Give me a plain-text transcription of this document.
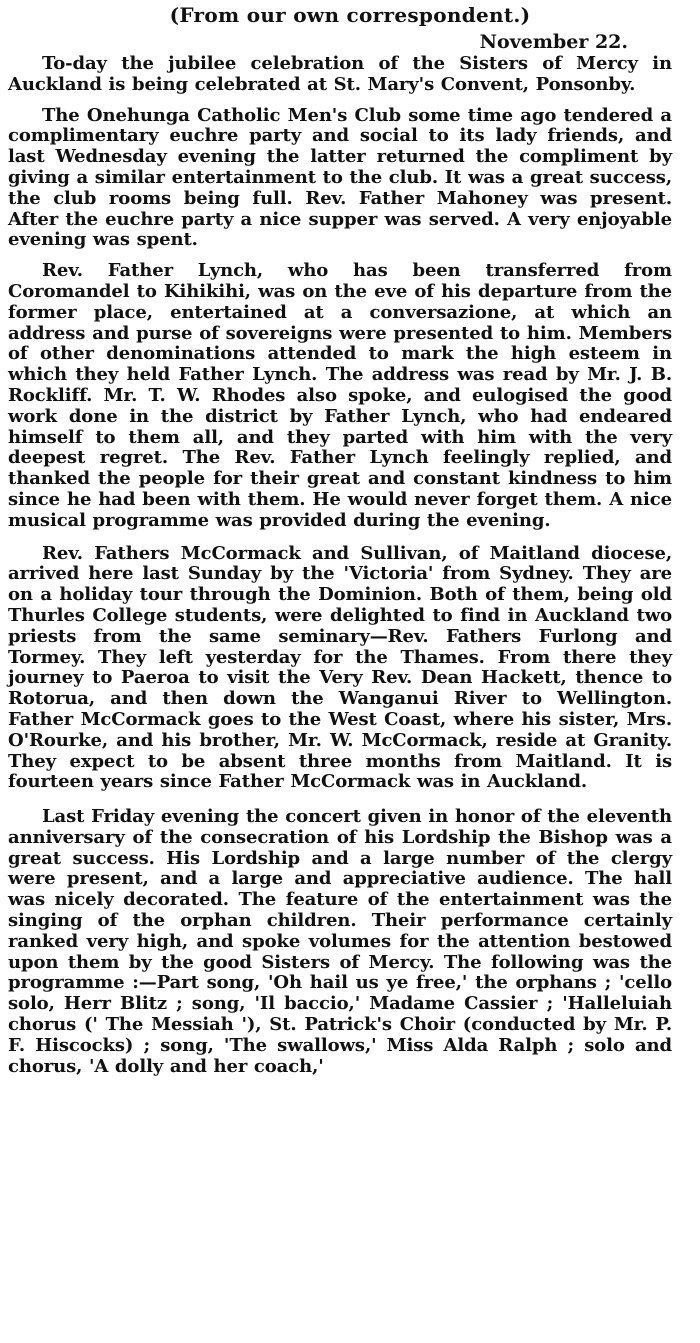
(From our own correspondent.)
November 22.

To-day the jubilee celebration of the Sisters of Mercy in Auckland is being celebrated at St. Mary's Convent, Ponsonby.

The Onehunga Catholic Men's Club some time ago tendered a complimentary euchre party and social to its lady friends, and last Wednesday evening the latter returned the compliment by giving a similar entertainment to the club. It was a great success, the club rooms being full. Rev. Father Mahoney was present. After the euchre party a nice supper was served. A very enjoyable evening was spent.

Rev. Father Lynch, who has been transferred from Coromandel to Kihikihi, was on the eve of his departure from the former place, entertained at a conversazione, at which an address and purse of sovereigns were presented to him. Members of other denominations attended to mark the high esteem in which they held Father Lynch. The address was read by Mr. J. B. Rockliff. Mr. T. W. Rhodes also spoke, and eulogised the good work done in the district by Father Lynch, who had endeared himself to them all, and they parted with him with the very deepest regret. The Rev. Father Lynch feelingly replied, and thanked the people for their great and constant kindness to him since he had been with them. He would never forget them. A nice musical programme was provided during the evening.

Rev. Fathers McCormack and Sullivan, of Maitland diocese, arrived here last Sunday by the 'Victoria' from Sydney. They are on a holiday tour through the Dominion. Both of them, being old Thurles College students, were delighted to find in Auckland two priests from the same seminary—Rev. Fathers Furlong and Tormey. They left yesterday for the Thames. From there they journey to Paeroa to visit the Very Rev. Dean Hackett, thence to Rotorua, and then down the Wanganui River to Wellington. Father McCormack goes to the West Coast, where his sister, Mrs. O'Rourke, and his brother, Mr. W. McCormack, reside at Granity. They expect to be absent three months from Maitland. It is fourteen years since Father McCormack was in Auckland.

Last Friday evening the concert given in honor of the eleventh anniversary of the consecration of his Lordship the Bishop was a great success. His Lordship and a large number of the clergy were present, and a large and appreciative audience. The hall was nicely decorated. The feature of the entertainment was the singing of the orphan children. Their performance certainly ranked very high, and spoke volumes for the attention bestowed upon them by the good Sisters of Mercy. The following was the programme :—Part song, 'Oh hail us ye free,' the orphans ; 'cello solo, Herr Blitz ; song, 'Il baccio,' Madame Cassier ; 'Halleluiah chorus (' The Messiah '), St. Patrick's Choir (conducted by Mr. P. F. Hiscocks) ; song, 'The swallows,' Miss Alda Ralph ; solo and chorus, 'A dolly and her coach,'
